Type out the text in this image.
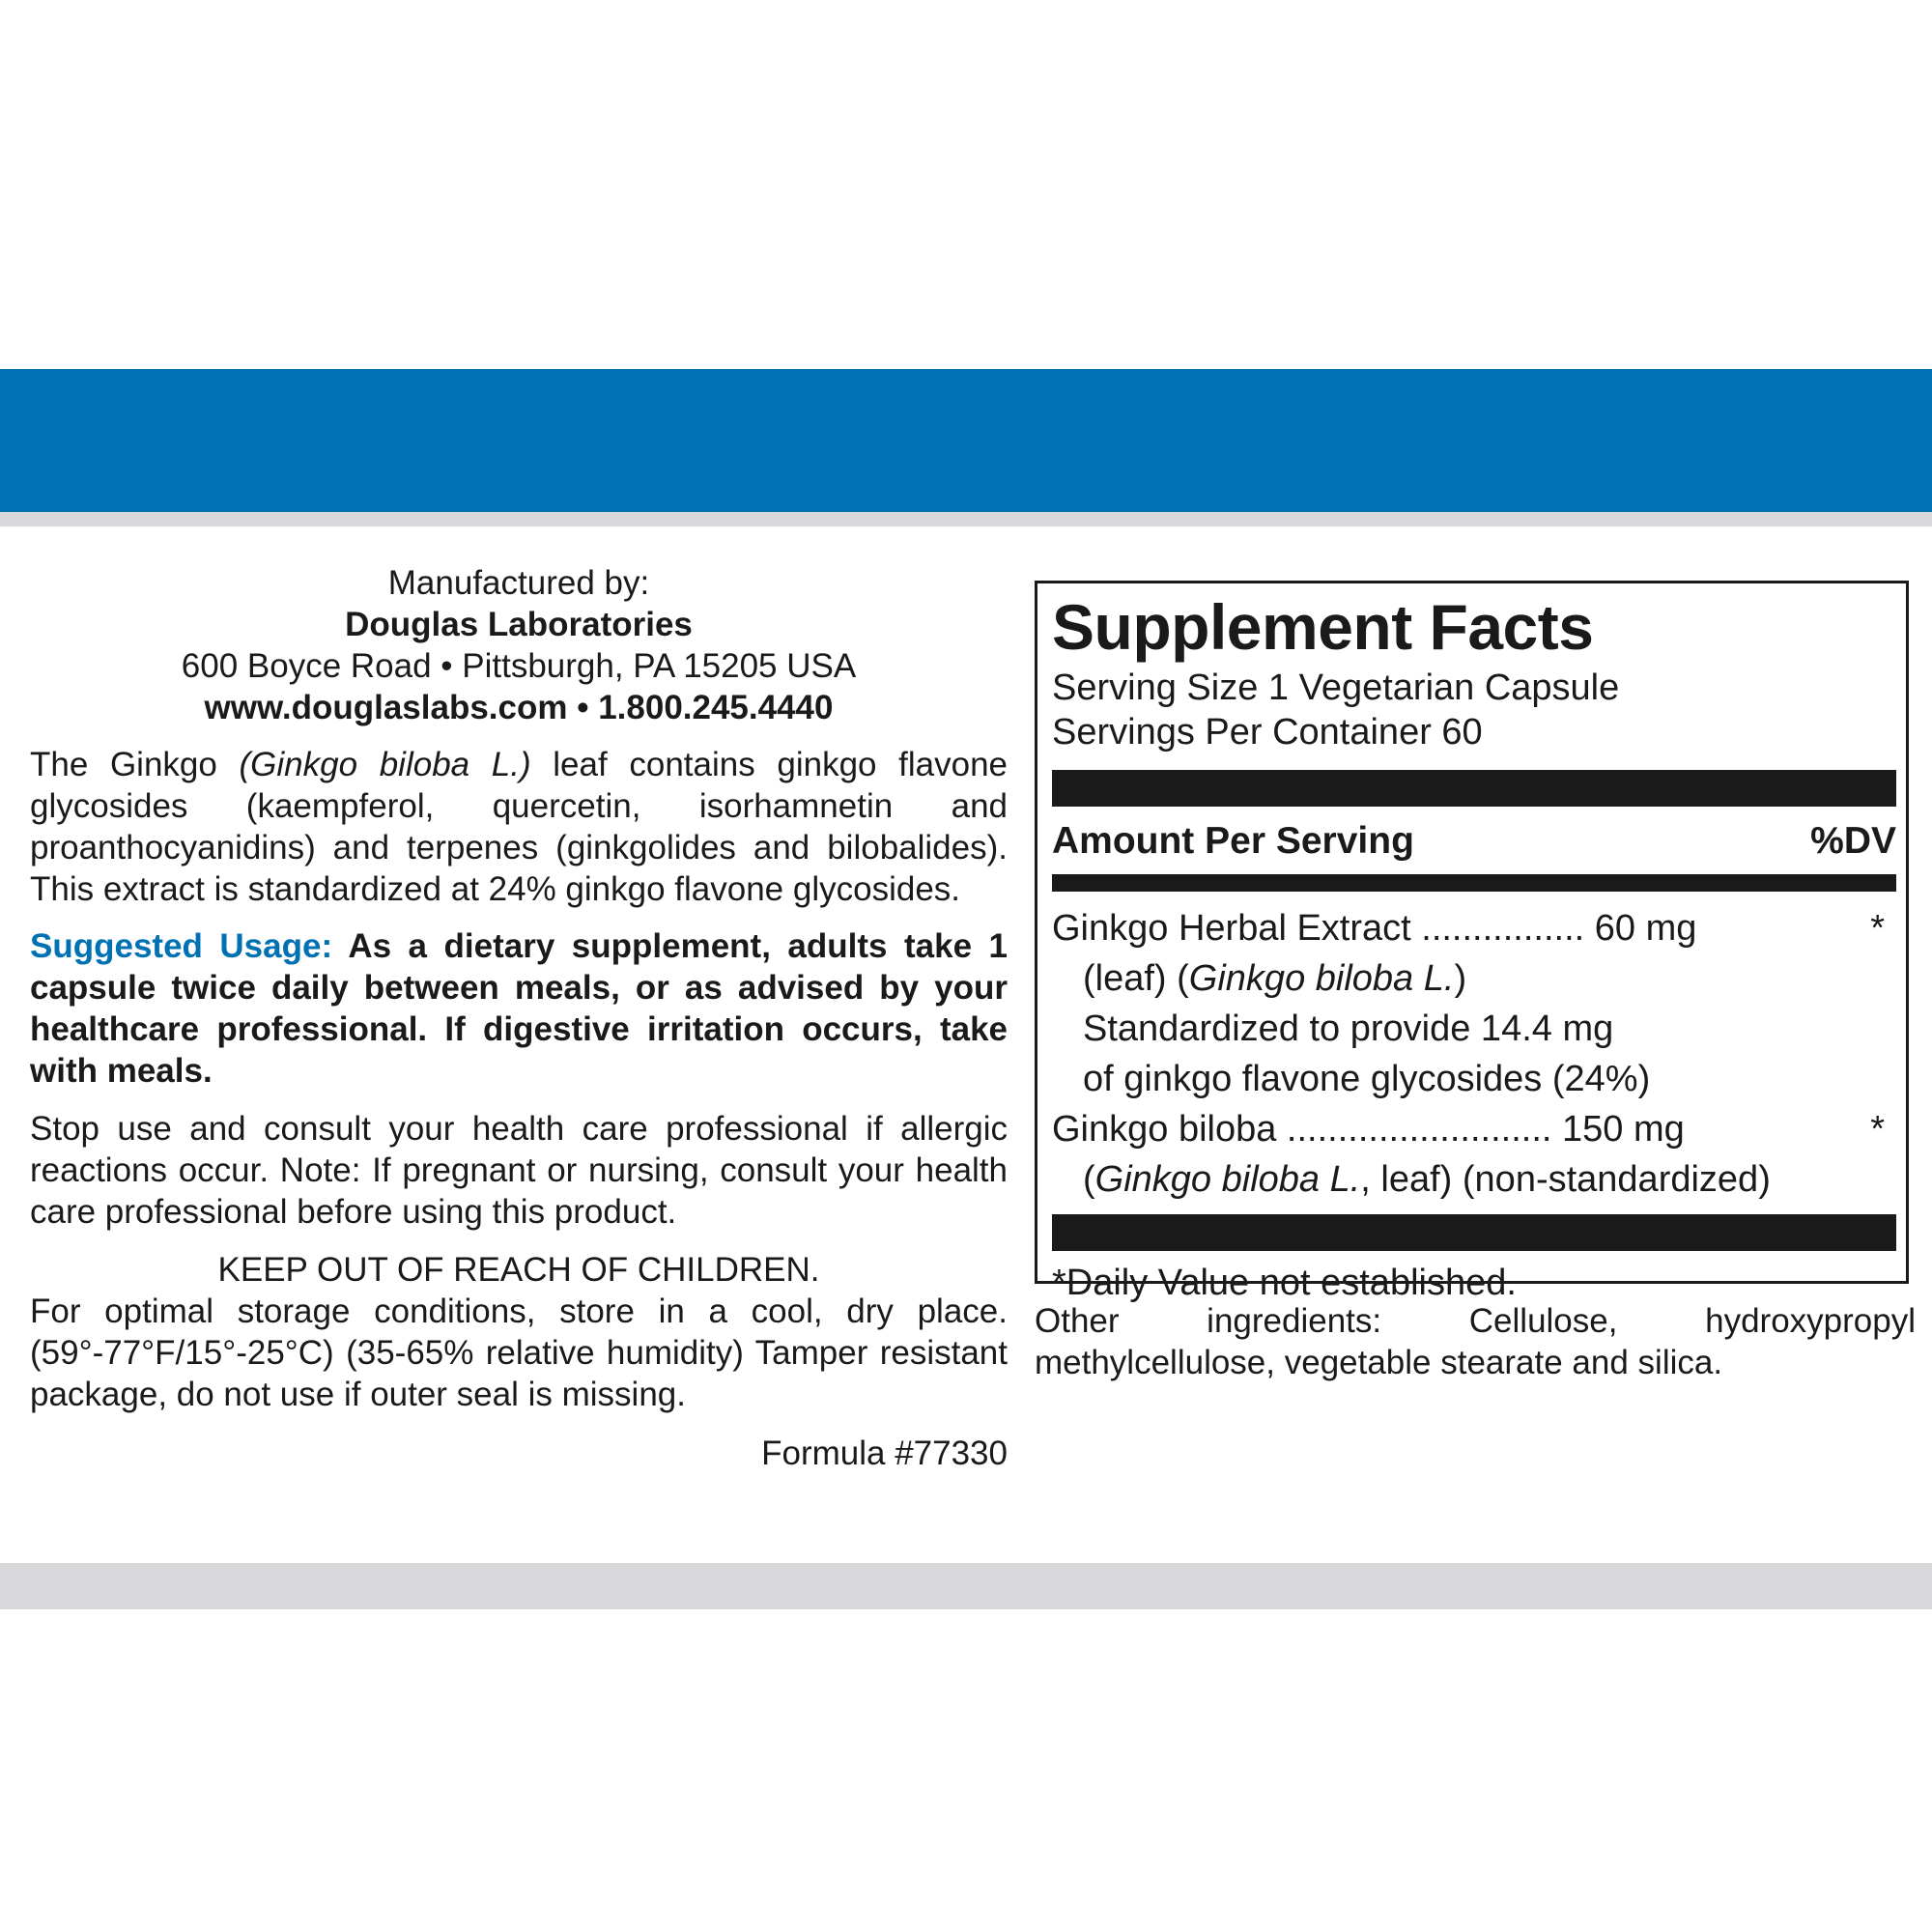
Manufactured by:
Douglas Laboratories
600 Boyce Road • Pittsburgh, PA 15205 USA
www.douglaslabs.com • 1.800.245.4440
The Ginkgo (Ginkgo biloba L.) leaf contains ginkgo flavone glycosides (kaempferol, quercetin, isorhamnetin and proanthocyanidins) and terpenes (ginkgolides and bilobalides). This extract is standardized at 24% ginkgo flavone glycosides.
Suggested Usage: As a dietary supplement, adults take 1 capsule twice daily between meals, or as advised by your healthcare professional. If digestive irritation occurs, take with meals.
Stop use and consult your health care professional if allergic reactions occur. Note: If pregnant or nursing, consult your health care professional before using this product.
KEEP OUT OF REACH OF CHILDREN.
For optimal storage conditions, store in a cool, dry place. (59°-77°F/15°-25°C) (35-65% relative humidity) Tamper resistant package, do not use if outer seal is missing.
Formula #77330
Supplement Facts
Serving Size 1 Vegetarian Capsule
Servings Per Container 60
Amount Per Serving	%DV
Ginkgo Herbal Extract ................ 60 mg	*
(leaf) (Ginkgo biloba L.)
Standardized to provide 14.4 mg
of ginkgo flavone glycosides (24%)
Ginkgo biloba .......................... 150 mg	*
(Ginkgo biloba L., leaf) (non-standardized)
*Daily Value not established.
Other ingredients: Cellulose, hydroxypropyl methylcellulose, vegetable stearate and silica.
